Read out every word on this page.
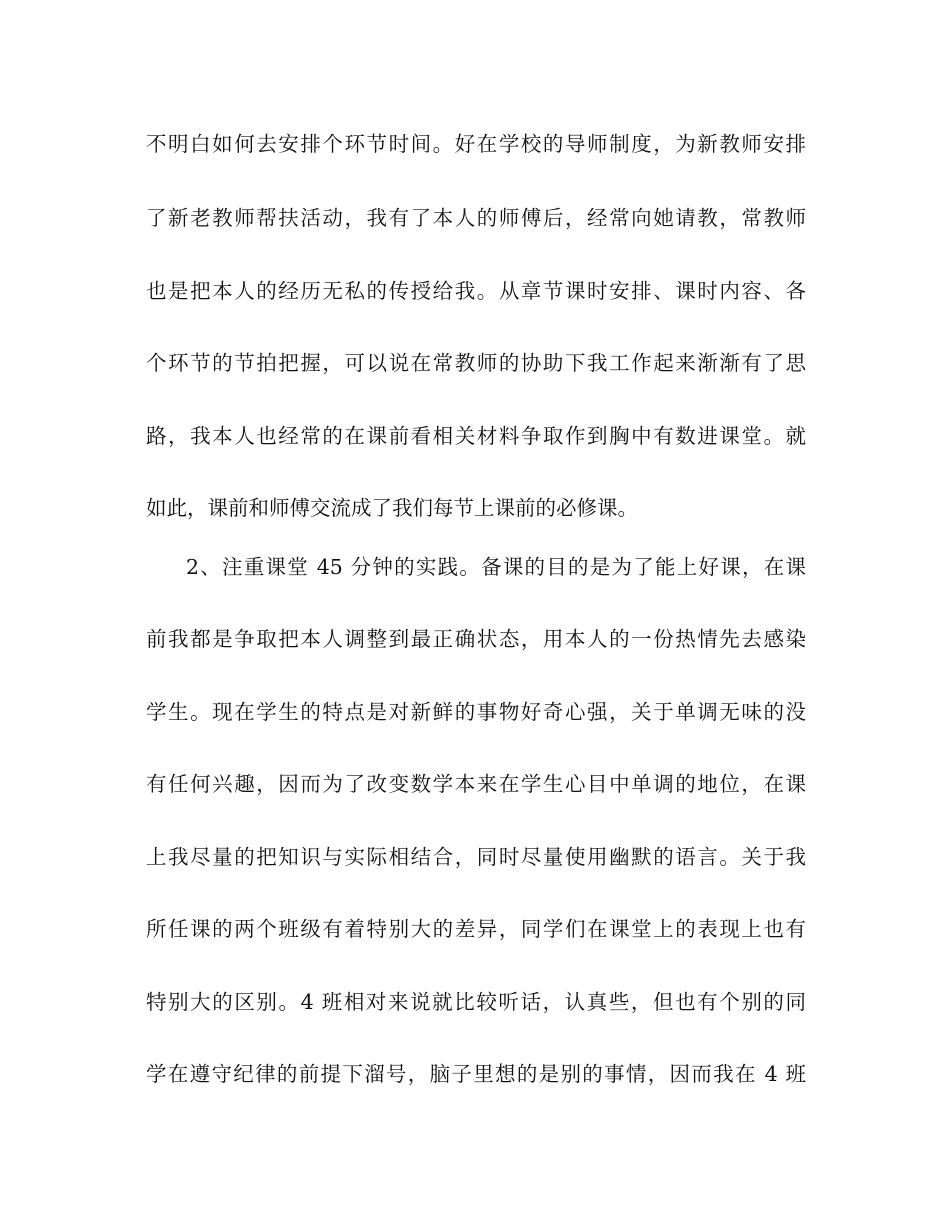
不明白如何去安排个环节时间。好在学校的导师制度，为新教师安排
了新老教师帮扶活动，我有了本人的师傅后，经常向她请教，常教师
也是把本人的经历无私的传授给我。从章节课时安排、课时内容、各
个环节的节拍把握，可以说在常教师的协助下我工作起来渐渐有了思
路，我本人也经常的在课前看相关材料争取作到胸中有数进课堂。就
如此，课前和师傅交流成了我们每节上课前的必修课。
2、注重课堂 45 分钟的实践。备课的目的是为了能上好课，在课
前我都是争取把本人调整到最正确状态，用本人的一份热情先去感染
学生。现在学生的特点是对新鲜的事物好奇心强，关于单调无味的没
有任何兴趣，因而为了改变数学本来在学生心目中单调的地位，在课
上我尽量的把知识与实际相结合，同时尽量使用幽默的语言。关于我
所任课的两个班级有着特别大的差异，同学们在课堂上的表现上也有
特别大的区别。4 班相对来说就比较听话，认真些，但也有个别的同
学在遵守纪律的前提下溜号，脑子里想的是别的事情，因而我在 4 班
